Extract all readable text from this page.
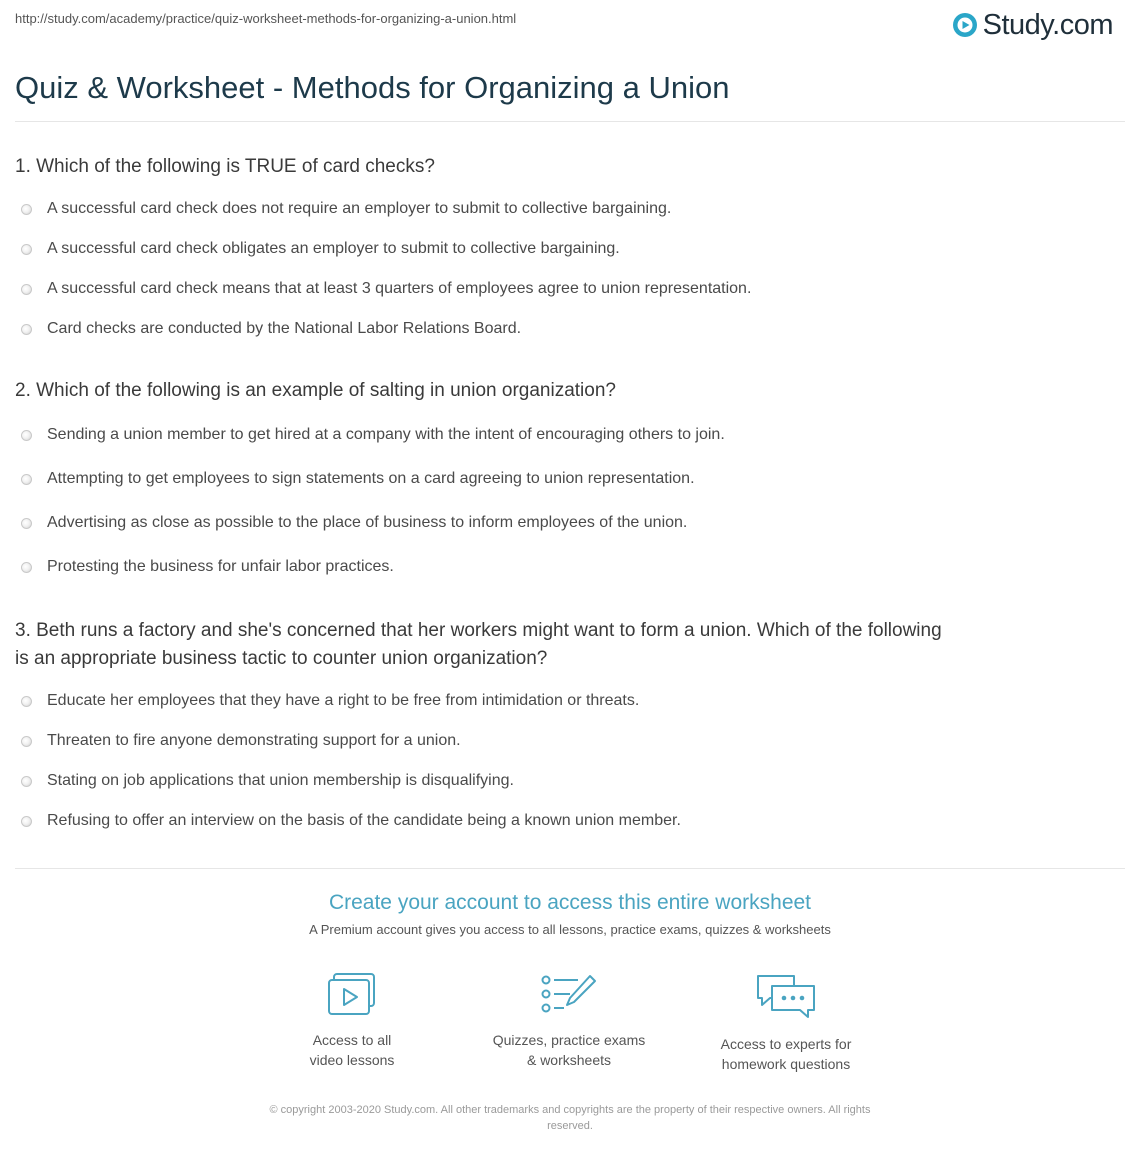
http://study.com/academy/practice/quiz-worksheet-methods-for-organizing-a-union.html	Study.com
Quiz & Worksheet - Methods for Organizing a Union
1. Which of the following is TRUE of card checks?
A successful card check does not require an employer to submit to collective bargaining.
A successful card check obligates an employer to submit to collective bargaining.
A successful card check means that at least 3 quarters of employees agree to union representation.
Card checks are conducted by the National Labor Relations Board.
2. Which of the following is an example of salting in union organization?
Sending a union member to get hired at a company with the intent of encouraging others to join.
Attempting to get employees to sign statements on a card agreeing to union representation.
Advertising as close as possible to the place of business to inform employees of the union.
Protesting the business for unfair labor practices.
3. Beth runs a factory and she's concerned that her workers might want to form a union. Which of the following
is an appropriate business tactic to counter union organization?
Educate her employees that they have a right to be free from intimidation or threats.
Threaten to fire anyone demonstrating support for a union.
Stating on job applications that union membership is disqualifying.
Refusing to offer an interview on the basis of the candidate being a known union member.
Create your account to access this entire worksheet
A Premium account gives you access to all lessons, practice exams, quizzes & worksheets
Access to all
video lessons
Quizzes, practice exams
& worksheets
Access to experts for
homework questions
© copyright 2003-2020 Study.com. All other trademarks and copyrights are the property of their respective owners. All rights
reserved.
